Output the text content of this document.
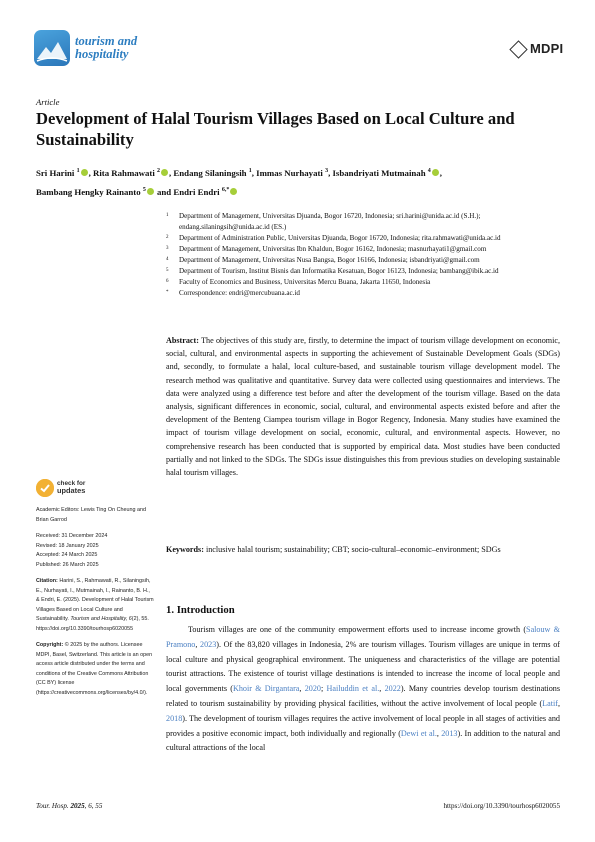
tourism and
hospitality	MDPI
Article
Development of Halal Tourism Villages Based on Local Culture and Sustainability
Sri Harini $^1$ , Rita Rahmawati $^2$ , Endang Silaningsih $^1$, Immas Nurhayati $^3$, Isbandriyati Mutmainah $^4$ ,
Bambang Hengky Rainanto $^5$ and Endri Endri $^{6,*}$
1	Department of Management, Universitas Djuanda, Bogor 16720, Indonesia; sri.harini@unida.ac.id (S.H.); endang.silaningsih@unida.ac.id (ES.)
2	Department of Administration Public, Universitas Djuanda, Bogor 16720, Indonesia; rita.rahmawati@unida.ac.id
3	Department of Management, Universitas Ibn Khaldun, Bogor 16162, Indonesia; masnurhayati1@gmail.com
4	Department of Management, Universitas Nusa Bangsa, Bogor 16166, Indonesia; isbandriyati@gmail.com
5	Department of Tourism, Institut Bisnis dan Informatika Kesatuan, Bogor 16123, Indonesia; bambang@ibik.ac.id
6	Faculty of Economics and Business, Universitas Mercu Buana, Jakarta 11650, Indonesia
*	Correspondence: endri@mercubuana.ac.id
Abstract: The objectives of this study are, firstly, to determine the impact of tourism village development on economic, social, cultural, and environmental aspects in supporting the achievement of Sustainable Development Goals (SDGs) and, secondly, to formulate a halal, local culture-based, and sustainable tourism village development model. The research method was qualitative and quantitative. Survey data were collected using questionnaires and interviews. The data were analyzed using a difference test before and after the development of the tourism village. Based on the data analysis, significant differences in economic, social, cultural, and environmental aspects existed before and after the development of the Benteng Ciampea tourism village in Bogor Regency, Indonesia. Many studies have examined the impact of tourism village development on social, economic, cultural, and environmental aspects. However, no comprehensive research has been conducted that is supported by empirical data. Most studies have been conducted partially and not linked to the SDGs. The SDGs issue distinguishes this from previous studies on developing sustainable halal tourism villages.
Keywords: inclusive halal tourism; sustainability; CBT; socio-cultural–economic–environment; SDGs
check for
updates
Academic Editors: Lewis Ting On Cheung and Brian Garrod
Received: 31 December 2024
Revised: 18 January 2025
Accepted: 24 March 2025
Published: 26 March 2025
Citation: Harini, S., Rahmawati, R., Silaningsih, E., Nurhayati, I., Mutmainah, I., Rainanto, B. H., & Endri, E. (2025). Development of Halal Tourism Villages Based on Local Culture and Sustainability. Tourism and Hospitality, 6(2), 55. https://doi.org/10.3390/tourhosp6020055
Copyright: © 2025 by the authors. Licensee MDPI, Basel, Switzerland. This article is an open access article distributed under the terms and conditions of the Creative Commons Attribution (CC BY) license (https://creativecommons.org/licenses/by/4.0/).
1. Introduction
Tourism villages are one of the community empowerment efforts used to increase income growth (Salouw & Pramono, 2023). Of the 83,820 villages in Indonesia, 2% are tourism villages. Tourism villages are unique in terms of local culture and physical geographical environment. The uniqueness and characteristics of the village are potential tourist attractions. The existence of tourist village destinations is intended to increase the income of local people and local governments (Khoir & Dirgantara, 2020; Hailuddin et al., 2022). Many countries develop tourism destinations related to tourism sustainability by providing physical facilities, without the active involvement of local people (Latif, 2018). The development of tourism villages requires the active involvement of local people in all stages of activities and provides a positive economic impact, both individually and regionally (Dewi et al., 2013). In addition to the natural and cultural attractions of the local
Tour. Hosp. 2025, 6, 55	https://doi.org/10.3390/tourhosp6020055
